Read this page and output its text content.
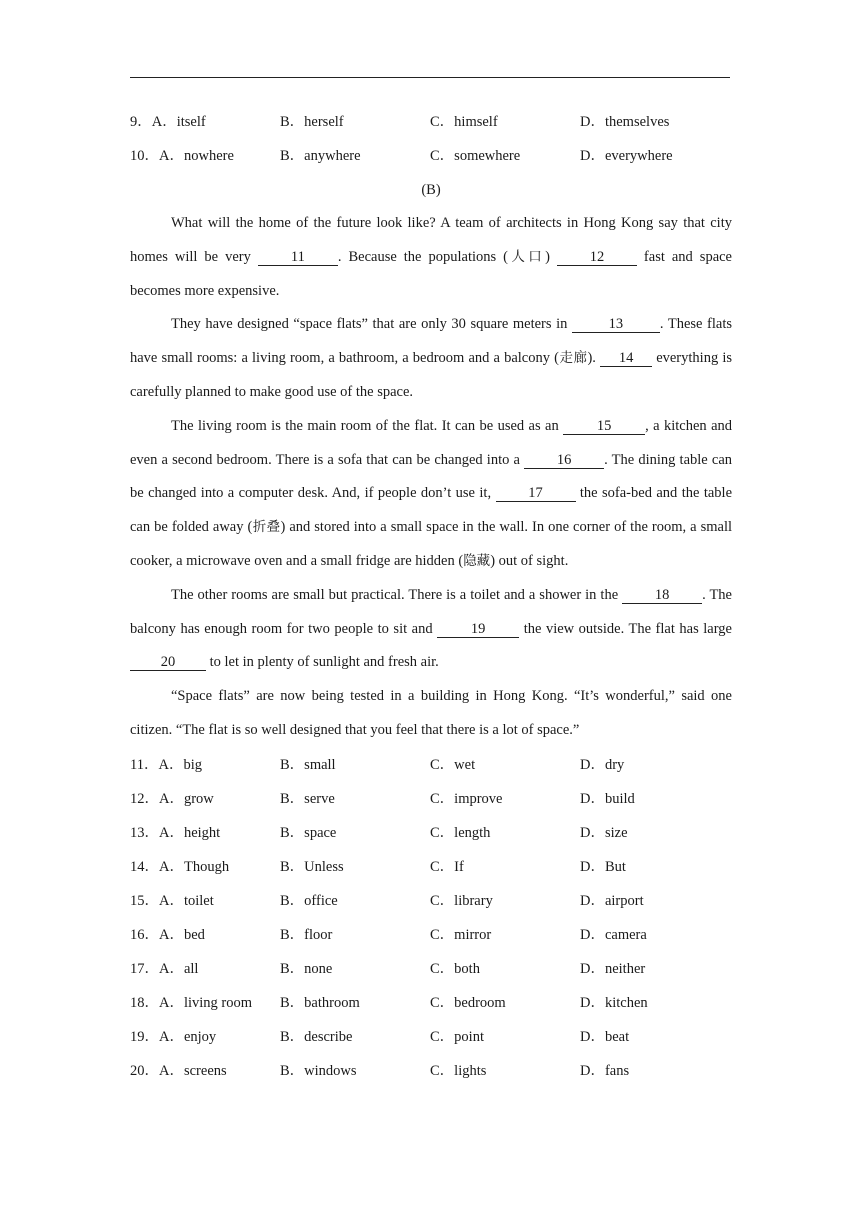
9．A．itself	B．herself	C．himself	D．themselves
10．A．nowhere	B．anywhere	C．somewhere	D．everywhere
(B)

What will the home of the future look like? A team of architects in Hong Kong say that city homes will be very 11 . Because the populations (人口) 12 fast and space becomes more expensive.

They have designed “space flats” that are only 30 square meters in	13	. These flats have small rooms: a living room, a bathroom, a bedroom and a balcony (走廊). 14 everything is carefully planned to make good use of the space.

The living room is the main room of the flat. It can be used as an 15 , a kitchen and even a second bedroom. There is a sofa that can be changed into a 16 . The dining table can be changed into a computer desk. And, if people don’t use it, 17 the sofa-bed and the table can be folded away (折叠) and stored into a small space in the wall. In one corner of the room, a small cooker, a microwave oven and a small fridge are hidden (隐藏) out of sight.

The other rooms are small but practical. There is a toilet and a shower in the 18 . The balcony has enough room for two people to sit and 19 the view outside. The flat has large 20 to let in plenty of sunlight and fresh air.

“Space flats” are now being tested in a building in Hong Kong. “It’s wonderful,” said one citizen. “The flat is so well designed that you feel that there is a lot of space.”

11．A．big	B．small	C．wet	D．dry
12．A．grow	B．serve	C．improve	D．build
13．A．height	B．space	C．length	D．size
14．A．Though	B．Unless	C．If	D．But
15．A．toilet	B．office	C．library	D．airport
16．A．bed	B．floor	C．mirror	D．camera
17．A．all	B．none	C．both	D．neither
18．A．living room	B．bathroom	C．bedroom	D．kitchen
19．A．enjoy	B．describe	C．point	D．beat
20．A．screens	B．windows	C．lights	D．fans
